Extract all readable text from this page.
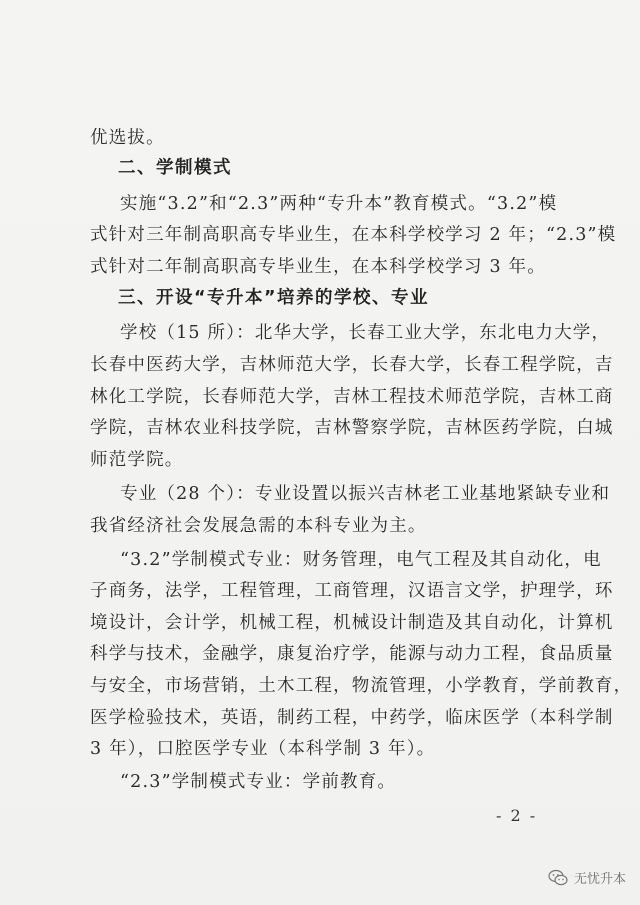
优选拔。
二、学制模式
实施“3.2”和“2.3”两种“专升本”教育模式。“3.2”模
式针对三年制高职高专毕业生，在本科学校学习 2 年；“2.3”模
式针对二年制高职高专毕业生，在本科学校学习 3 年。
三、开设“专升本”培养的学校、专业
学校（15 所）：北华大学，长春工业大学，东北电力大学，
长春中医药大学，吉林师范大学，长春大学，长春工程学院，吉
林化工学院，长春师范大学，吉林工程技术师范学院，吉林工商
学院，吉林农业科技学院，吉林警察学院，吉林医药学院，白城
师范学院。
专业（28 个）：专业设置以振兴吉林老工业基地紧缺专业和
我省经济社会发展急需的本科专业为主。
“3.2”学制模式专业：财务管理，电气工程及其自动化，电
子商务，法学，工程管理，工商管理，汉语言文学，护理学，环
境设计，会计学，机械工程，机械设计制造及其自动化，计算机
科学与技术，金融学，康复治疗学，能源与动力工程，食品质量
与安全，市场营销，土木工程，物流管理，小学教育，学前教育，
医学检验技术，英语，制药工程，中药学，临床医学（本科学制
3 年），口腔医学专业（本科学制 3 年）。
“2.3”学制模式专业：学前教育。
- 2 -
无忧升本
